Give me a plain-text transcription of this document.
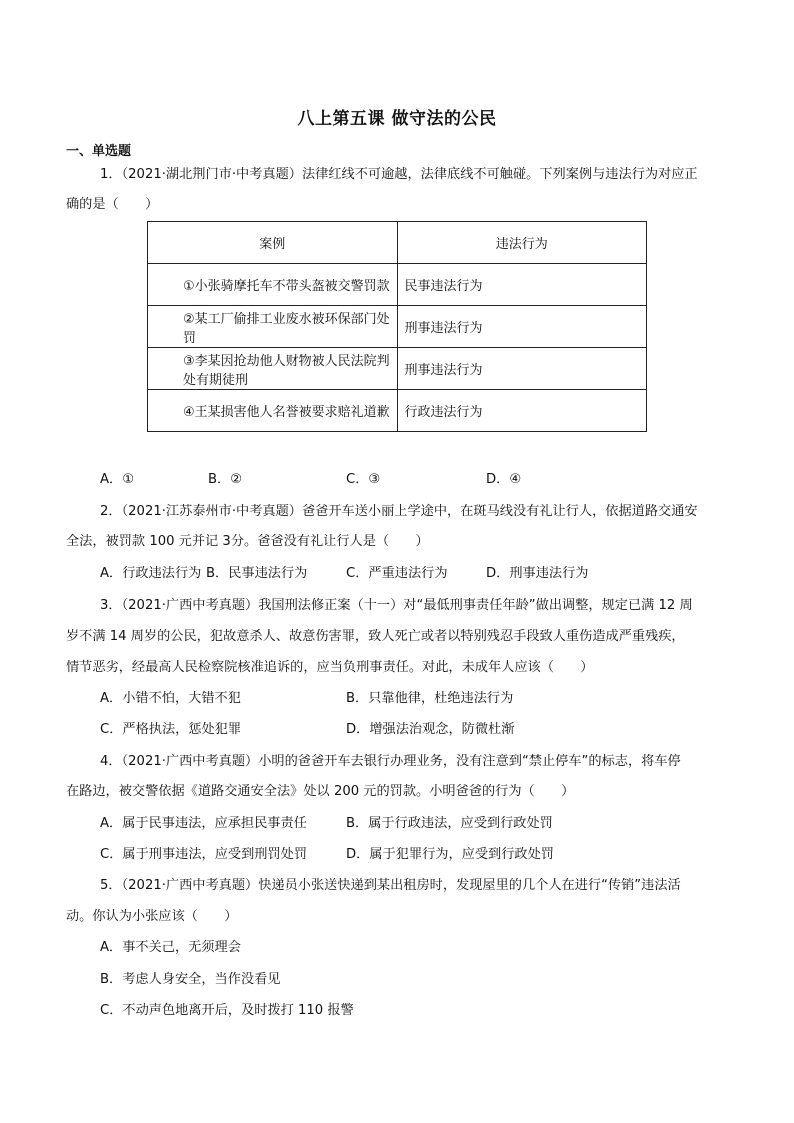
八上第五课 做守法的公民
一、单选题
1．（2021·湖北荆门市·中考真题）法律红线不可逾越，法律底线不可触碰。下列案例与违法行为对应正
确的是（　　）
案例	违法行为
①小张骑摩托车不带头盔被交警罚款	民事违法行为
②某工厂偷排工业废水被环保部门处罚	刑事违法行为
③李某因抢劫他人财物被人民法院判处有期徒刑	刑事违法行为
④王某损害他人名誉被要求赔礼道歉	行政违法行为
A．①	B．②	C．③	D．④
2．（2021·江苏泰州市·中考真题）爸爸开车送小丽上学途中，在斑马线没有礼让行人，依据道路交通安
全法，被罚款 100 元并记 3分。爸爸没有礼让行人是（　　）
A．行政违法行为 B．民事违法行为	C．严重违法行为	D．刑事违法行为
3．（2021·广西中考真题）我国刑法修正案（十一）对“最低刑事责任年龄”做出调整，规定已满 12 周
岁不满 14 周岁的公民，犯故意杀人、故意伤害罪，致人死亡或者以特别残忍手段致人重伤造成严重残疾，
情节恶劣，经最高人民检察院核准追诉的，应当负刑事责任。对此，未成年人应该（　　）
A．小错不怕，大错不犯	B．只靠他律，杜绝违法行为
C．严格执法，惩处犯罪	D．增强法治观念，防微杜渐
4．（2021·广西中考真题）小明的爸爸开车去银行办理业务，没有注意到“禁止停车”的标志，将车停
在路边，被交警依据《道路交通安全法》处以 200 元的罚款。小明爸爸的行为（　　）
A．属于民事违法，应承担民事责任	B．属于行政违法，应受到行政处罚
C．属于刑事违法，应受到刑罚处罚	D．属于犯罪行为，应受到行政处罚
5．（2021·广西中考真题）快递员小张送快递到某出租房时，发现屋里的几个人在进行“传销”违法活
动。你认为小张应该（　　）
A．事不关己，无须理会
B．考虑人身安全，当作没看见
C．不动声色地离开后，及时拨打 110 报警
